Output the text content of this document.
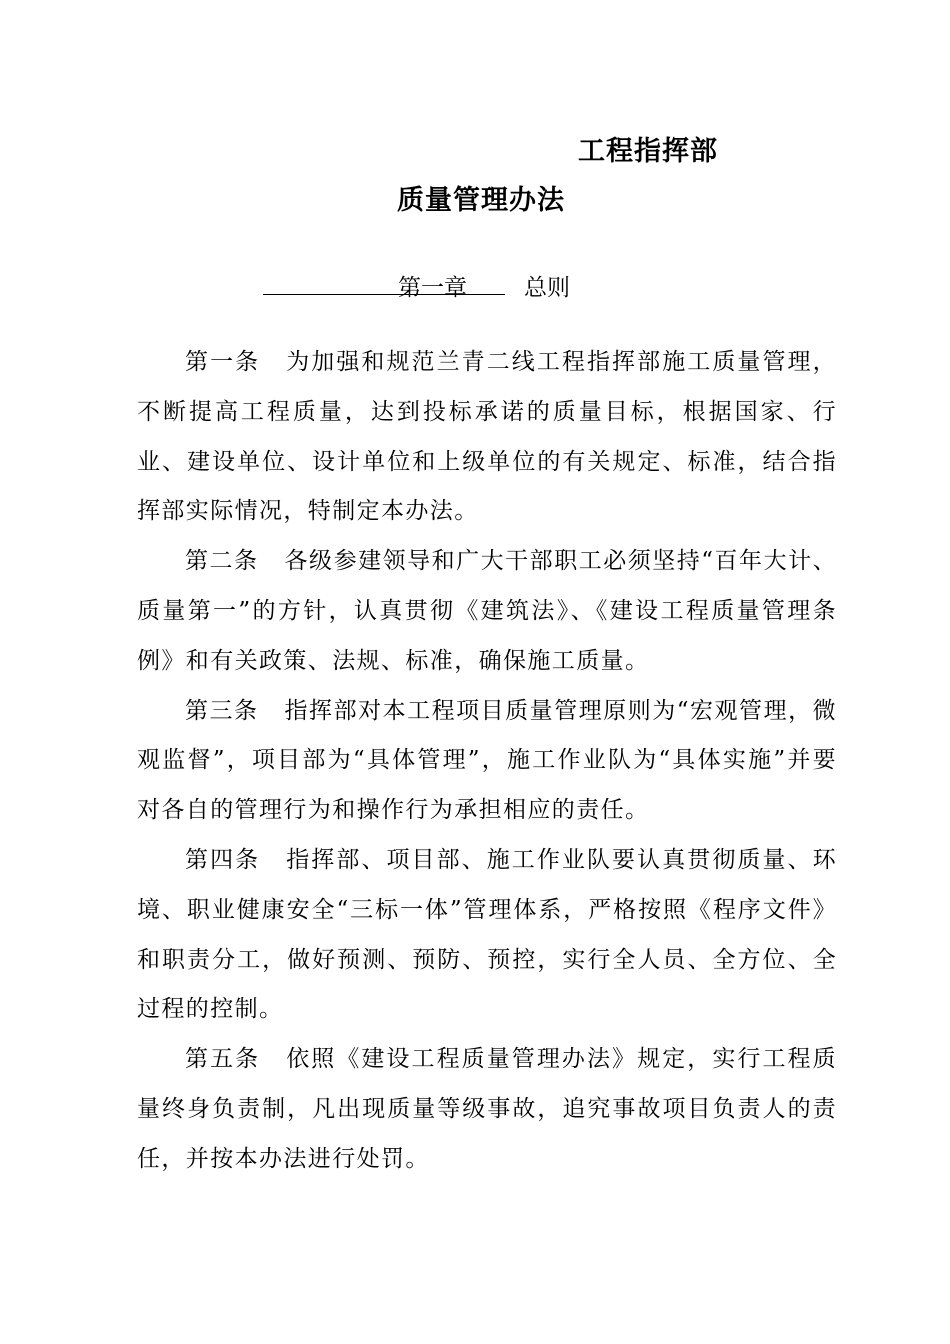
工程指挥部
质量管理办法
第一章 总则

第一条 为加强和规范兰青二线工程指挥部施工质量管理，不断提高工程质量，达到投标承诺的质量目标，根据国家、行业、建设单位、设计单位和上级单位的有关规定、标准，结合指挥部实际情况，特制定本办法。

第二条 各级参建领导和广大干部职工必须坚持“百年大计、质量第一”的方针，认真贯彻《建筑法》、《建设工程质量管理条例》和有关政策、法规、标准，确保施工质量。

第三条 指挥部对本工程项目质量管理原则为“宏观管理，微观监督”，项目部为“具体管理”，施工作业队为“具体实施”并要对各自的管理行为和操作行为承担相应的责任。

第四条 指挥部、项目部、施工作业队要认真贯彻质量、环境、职业健康安全“三标一体”管理体系，严格按照《程序文件》和职责分工，做好预测、预防、预控，实行全人员、全方位、全过程的控制。

第五条 依照《建设工程质量管理办法》规定，实行工程质量终身负责制，凡出现质量等级事故，追究事故项目负责人的责任，并按本办法进行处罚。
